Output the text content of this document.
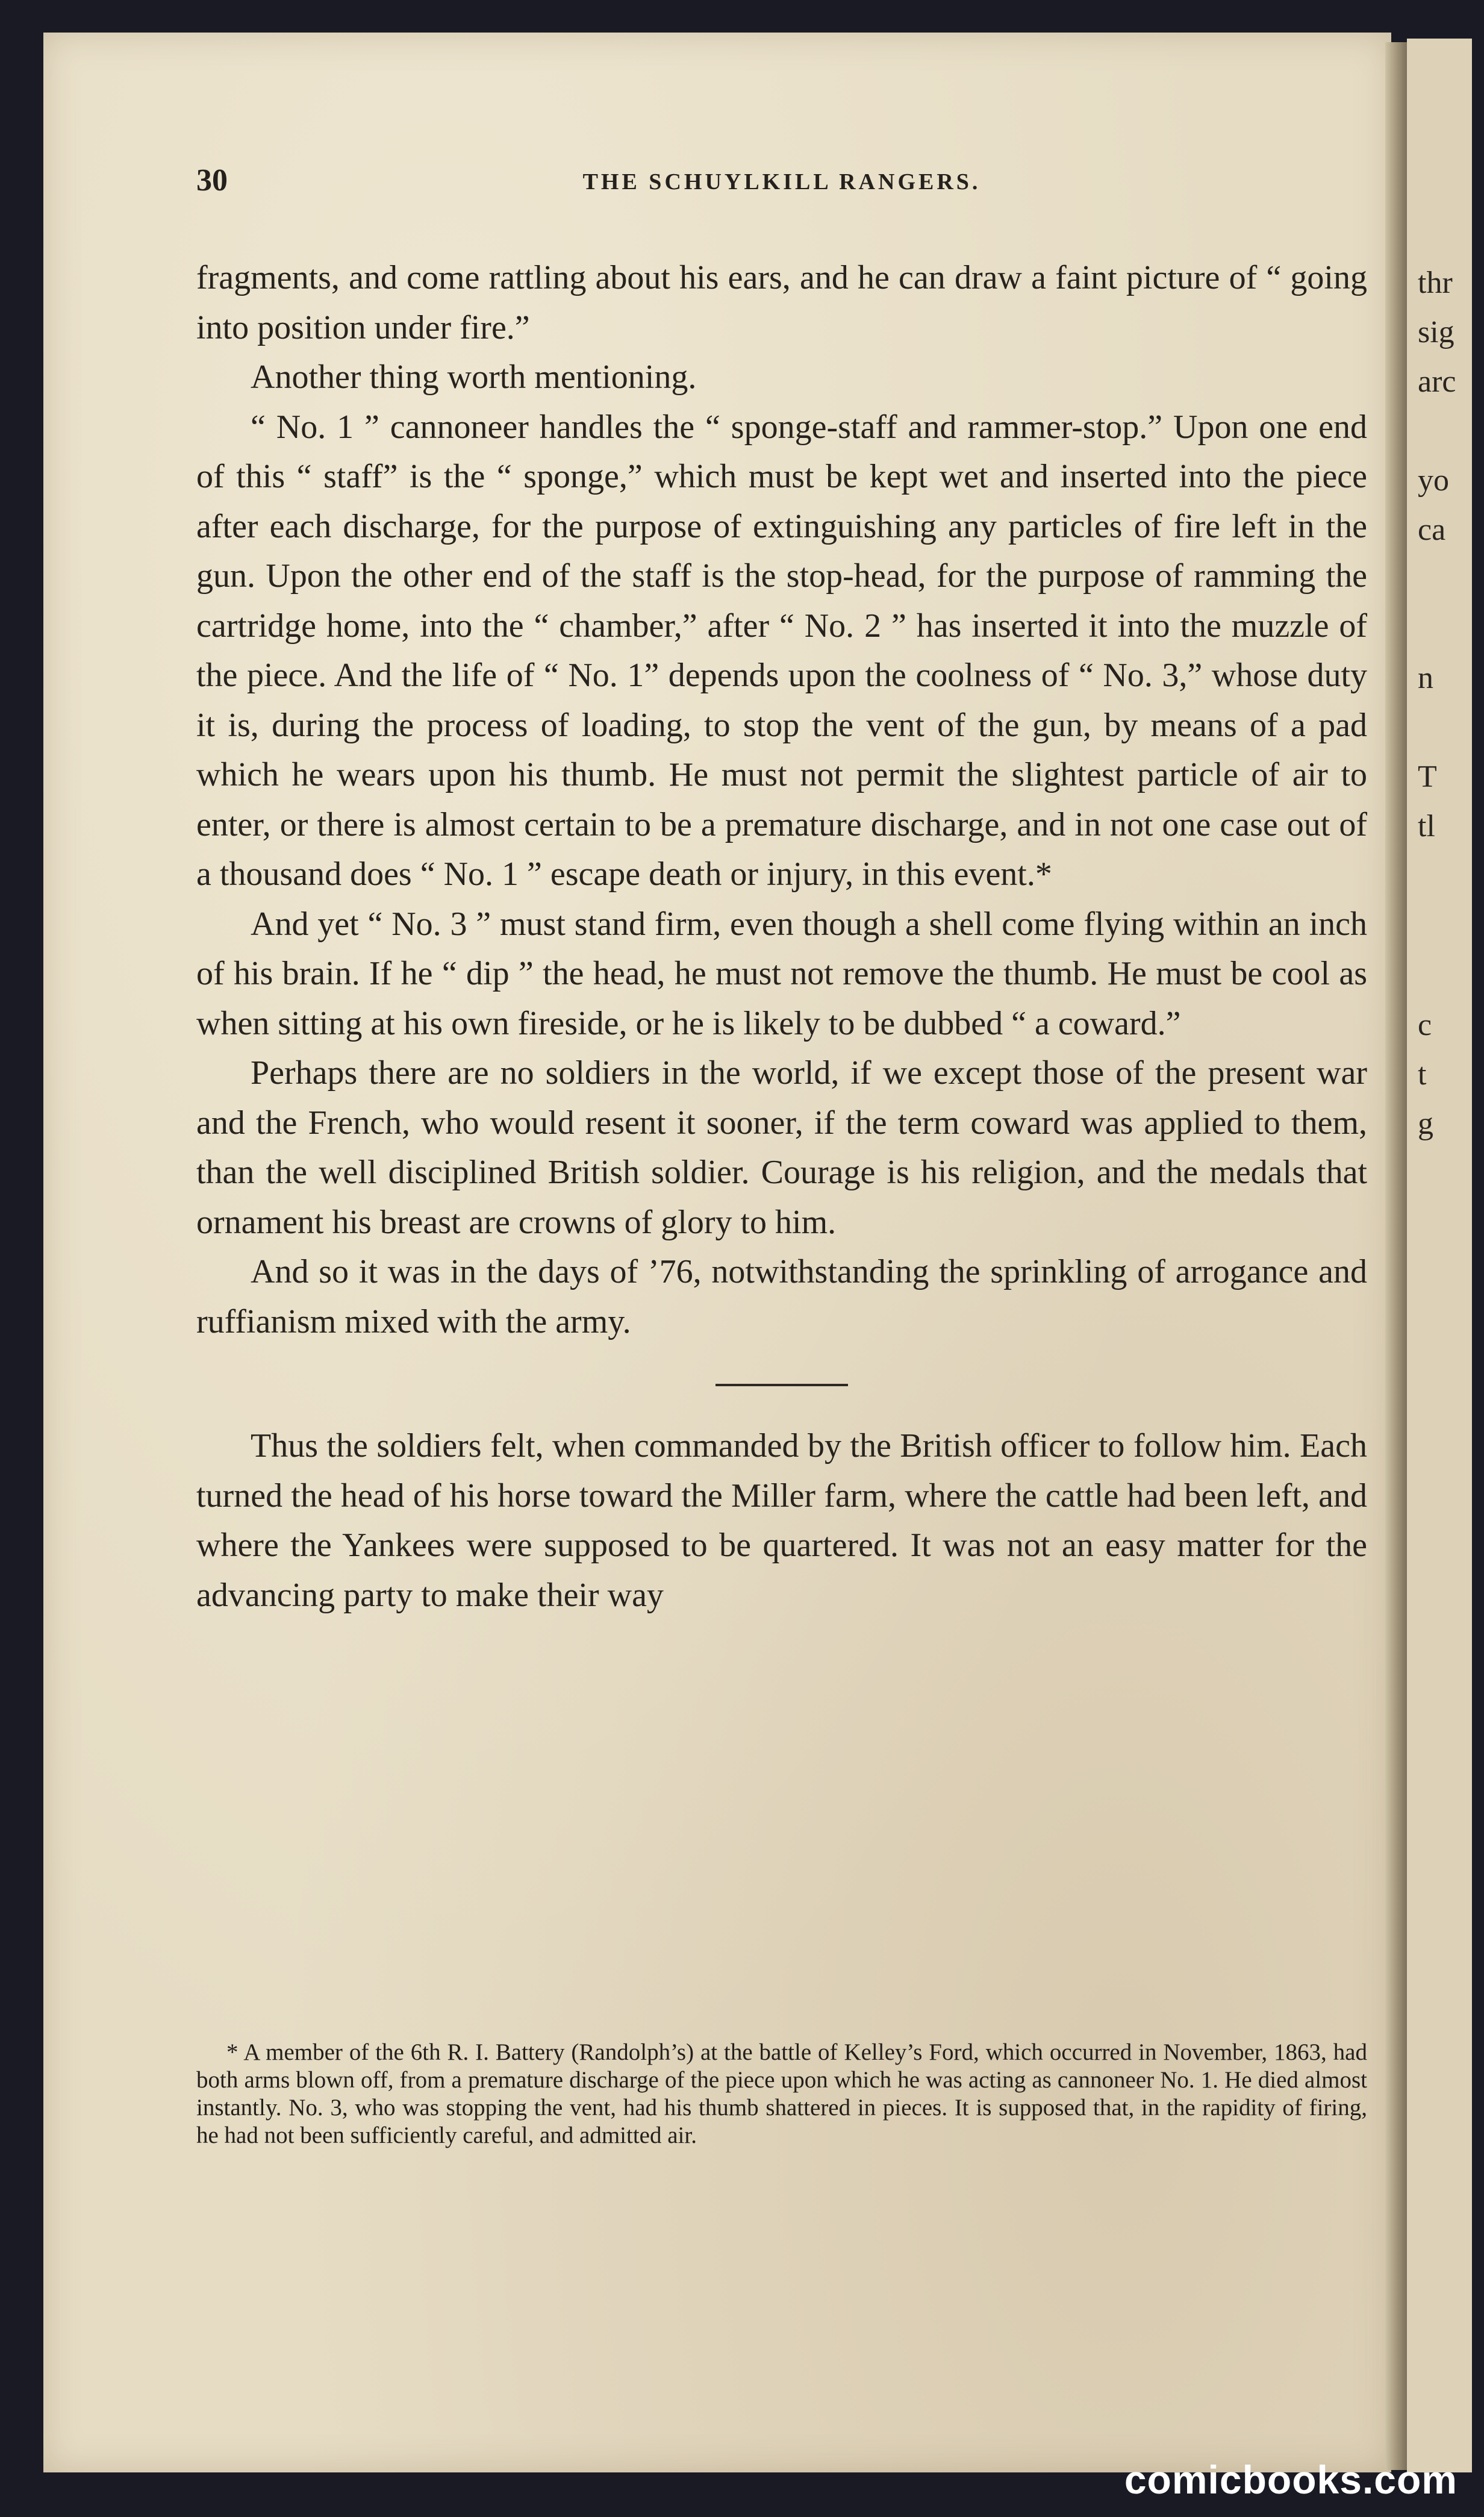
thr
sig
arc
yo
ca
n
T
tl
c
t
g
30	THE SCHUYLKILL RANGERS.

fragments, and come rattling about his ears, and he can draw a faint picture of “ going into position under fire.”

Another thing worth mentioning.

“ No. 1 ” cannoneer handles the “ sponge-staff and rammer-stop.” Upon one end of this “ staff” is the “ sponge,” which must be kept wet and inserted into the piece after each discharge, for the purpose of extinguishing any particles of fire left in the gun. Upon the other end of the staff is the stop-head, for the purpose of ramming the cartridge home, into the “ chamber,” after “ No. 2 ” has inserted it into the muzzle of the piece. And the life of “ No. 1” depends upon the coolness of “ No. 3,” whose duty it is, during the process of loading, to stop the vent of the gun, by means of a pad which he wears upon his thumb. He must not permit the slightest particle of air to enter, or there is almost certain to be a premature discharge, and in not one case out of a thousand does “ No. 1 ” escape death or injury, in this event.*

And yet “ No. 3 ” must stand firm, even though a shell come flying within an inch of his brain. If he “ dip ” the head, he must not remove the thumb. He must be cool as when sitting at his own fireside, or he is likely to be dubbed “ a coward.”

Perhaps there are no soldiers in the world, if we except those of the present war and the French, who would resent it sooner, if the term coward was applied to them, than the well disciplined British soldier. Courage is his religion, and the medals that ornament his breast are crowns of glory to him.

And so it was in the days of ’76, notwithstanding the sprinkling of arrogance and ruffianism mixed with the army.

Thus the soldiers felt, when commanded by the British officer to follow him. Each turned the head of his horse toward the Miller farm, where the cattle had been left, and where the Yankees were supposed to be quartered. It was not an easy matter for the advancing party to make their way

* A member of the 6th R. I. Battery (Randolph’s) at the battle of Kelley’s Ford, which occurred in November, 1863, had both arms blown off, from a premature discharge of the piece upon which he was acting as cannoneer No. 1. He died almost instantly. No. 3, who was stopping the vent, had his thumb shattered in pieces. It is supposed that, in the rapidity of firing, he had not been sufficiently careful, and admitted air.
comicbooks.com
